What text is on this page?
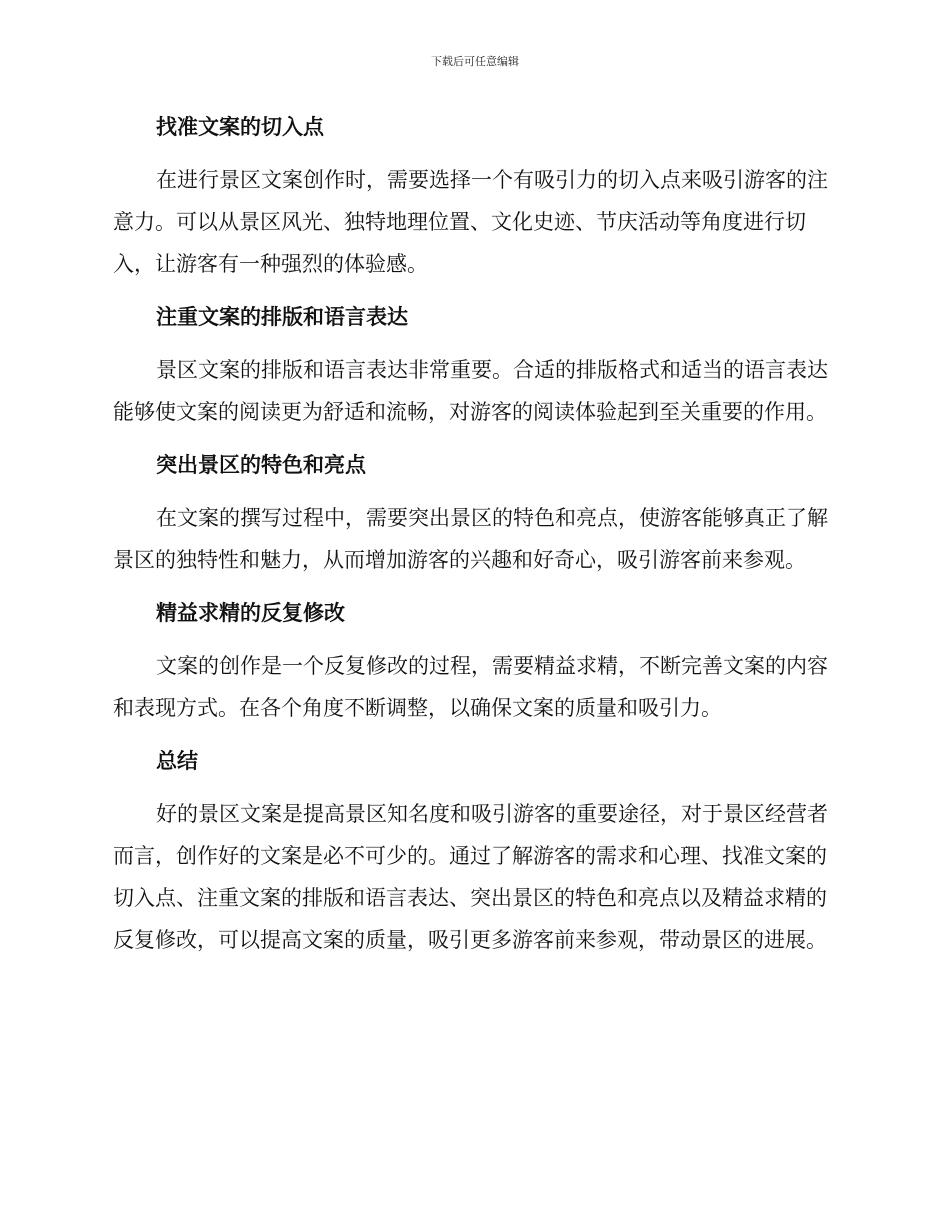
下载后可任意编辑
找准文案的切入点

在进行景区文案创作时，需要选择一个有吸引力的切入点来吸引游客的注意力。可以从景区风光、独特地理位置、文化史迹、节庆活动等角度进行切入，让游客有一种强烈的体验感。

注重文案的排版和语言表达

景区文案的排版和语言表达非常重要。合适的排版格式和适当的语言表达能够使文案的阅读更为舒适和流畅，对游客的阅读体验起到至关重要的作用。

突出景区的特色和亮点

在文案的撰写过程中，需要突出景区的特色和亮点，使游客能够真正了解景区的独特性和魅力，从而增加游客的兴趣和好奇心，吸引游客前来参观。

精益求精的反复修改

文案的创作是一个反复修改的过程，需要精益求精，不断完善文案的内容和表现方式。在各个角度不断调整，以确保文案的质量和吸引力。

总结

好的景区文案是提高景区知名度和吸引游客的重要途径，对于景区经营者而言，创作好的文案是必不可少的。通过了解游客的需求和心理、找准文案的切入点、注重文案的排版和语言表达、突出景区的特色和亮点以及精益求精的反复修改，可以提高文案的质量，吸引更多游客前来参观，带动景区的进展。
